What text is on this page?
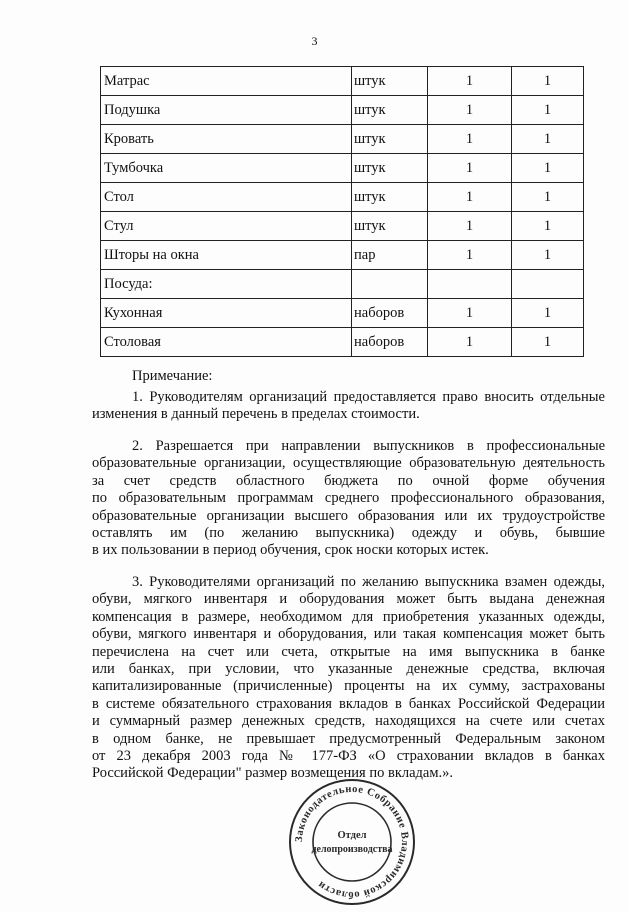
3
Матрас	штук	1	1
Подушка	штук	1	1
Кровать	штук	1	1
Тумбочка	штук	1	1
Стол	штук	1	1
Стул	штук	1	1
Шторы на окна	пар	1	1
Посуда:			
Кухонная	наборов	1	1
Столовая	наборов	1	1
Примечание:
1. Руководителям организаций предоставляется право вносить отдельные
изменения в данный перечень в пределах стоимости.
2. Разрешается при направлении выпускников в профессиональные
образовательные организации, осуществляющие образовательную деятельность
за счет средств областного бюджета по очной форме обучения
по образовательным программам среднего профессионального образования,
образовательные организации высшего образования или их трудоустройстве
оставлять им (по желанию выпускника) одежду и обувь, бывшие
в их пользовании в период обучения, срок носки которых истек.
3. Руководителями организаций по желанию выпускника взамен одежды,
обуви, мягкого инвентаря и оборудования может быть выдана денежная
компенсация в размере, необходимом для приобретения указанных одежды,
обуви, мягкого инвентаря и оборудования, или такая компенсация может быть
перечислена на счет или счета, открытые на имя выпускника в банке
или банках, при условии, что указанные денежные средства, включая
капитализированные (причисленные) проценты на их сумму, застрахованы
в системе обязательного страхования вкладов в банках Российской Федерации
и суммарный размер денежных средств, находящихся на счете или счетах
в одном банке, не превышает предусмотренный Федеральным законом
от 23 декабря 2003 года № 177-ФЗ «О страховании вкладов в банках
Российской Федерации" размер возмещения по вкладам.».
Законодательное Собрание Владимирской области
Отдел
делопроизводства
